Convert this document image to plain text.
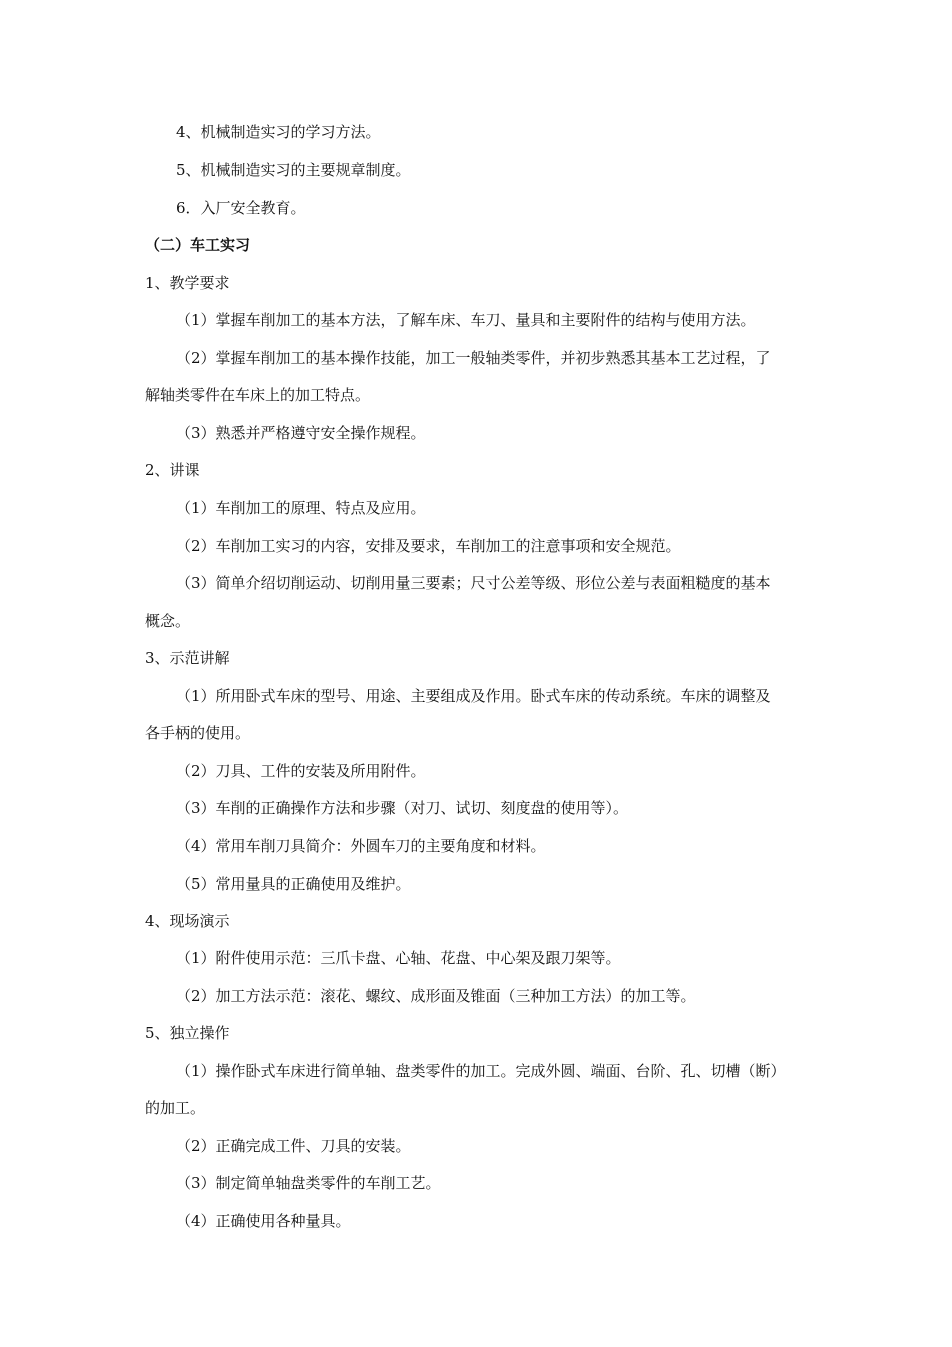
4、机械制造实习的学习方法。
5、机械制造实习的主要规章制度。
6．入厂安全教育。
（二）车工实习
1、教学要求
（1）掌握车削加工的基本方法，了解车床、车刀、量具和主要附件的结构与使用方法。
（2）掌握车削加工的基本操作技能，加工一般轴类零件，并初步熟悉其基本工艺过程，了
解轴类零件在车床上的加工特点。
（3）熟悉并严格遵守安全操作规程。
2、讲课
（1）车削加工的原理、特点及应用。
（2）车削加工实习的内容，安排及要求，车削加工的注意事项和安全规范。
（3）简单介绍切削运动、切削用量三要素；尺寸公差等级、形位公差与表面粗糙度的基本
概念。
3、示范讲解
（1）所用卧式车床的型号、用途、主要组成及作用。卧式车床的传动系统。车床的调整及
各手柄的使用。
（2）刀具、工件的安装及所用附件。
（3）车削的正确操作方法和步骤（对刀、试切、刻度盘的使用等）。
（4）常用车削刀具简介：外圆车刀的主要角度和材料。
（5）常用量具的正确使用及维护。
4、现场演示
（1）附件使用示范：三爪卡盘、心轴、花盘、中心架及跟刀架等。
（2）加工方法示范：滚花、螺纹、成形面及锥面（三种加工方法）的加工等。
5、独立操作
（1）操作卧式车床进行简单轴、盘类零件的加工。完成外圆、端面、台阶、孔、切槽（断）
的加工。
（2）正确完成工件、刀具的安装。
（3）制定简单轴盘类零件的车削工艺。
（4）正确使用各种量具。
